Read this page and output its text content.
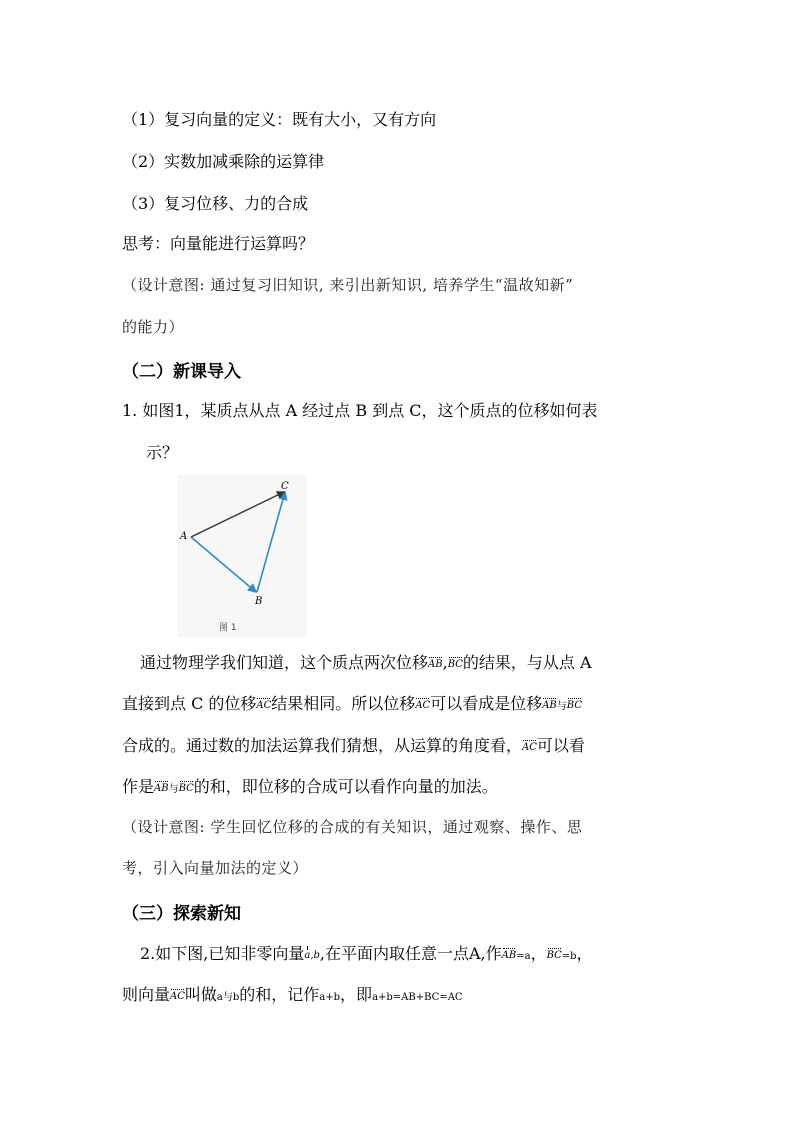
（1）复习向量的定义：既有大小，又有方向
（2）实数加减乘除的运算律
（3）复习位移、力的合成
思考：向量能进行运算吗？
（设计意图: 通过复习旧知识, 来引出新知识, 培养学生“温故知新”
的能力）
（二）新课导入
1. 如图1，某质点从点 A 经过点 B 到点 C，这个质点的位移如何表
示？
A
B
C
图 1
通过物理学我们知道，这个质点两次位移AB,BC的结果，与从点 A
直接到点 C 的位移AC结果相同。所以位移AC可以看成是位移AB与BC
合成的。通过数的加法运算我们猜想，从运算的角度看，AC可以看
作是AB与BC的和，即位移的合成可以看作向量的加法。
（设计意图: 学生回忆位移的合成的有关知识，通过观察、操作、思
考，引入向量加法的定义）
（三）探索新知
2.如下图,已知非零向量a,b,在平面内取任意一点A,作AB=a，BC=b，
则向量AC叫做a与b的和，记作a+b，即a+b=AB+BC=AC
